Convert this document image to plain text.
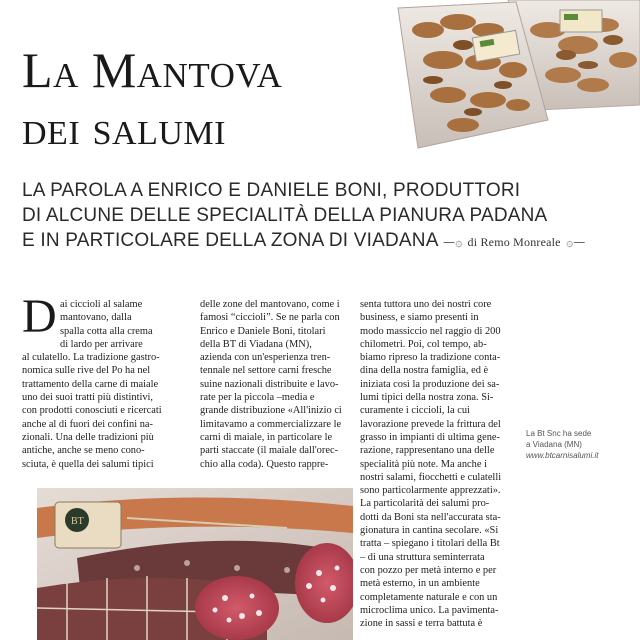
La Mantova
dei salumi
LA PAROLA A ENRICO E DANIELE BONI, PRODUTTORI
DI ALCUNE DELLE SPECIALITÀ DELLA PIANURA PADANA
E IN PARTICOLARE DELLA ZONA DI VIADANA —۞ di Remo Monreale ۞—
D ai ciccioli al salame

mantovano, dalla

spalla cotta alla crema

di lardo per arrivare

al culatello. La tradizione gastro-

nomica sulle rive del Po ha nel

trattamento della carne di maiale

uno dei suoi tratti più distintivi,

con prodotti conosciuti e ricercati

anche al di fuori dei confini na-

zionali. Una delle tradizioni più

antiche, anche se meno cono-

sciuta, è quella dei salumi tipici

delle zone del mantovano, come i

famosi “ciccioli”. Se ne parla con

Enrico e Daniele Boni, titolari

della BT di Viadana (MN),

azienda con un'esperienza tren-

tennale nel settore carni fresche

suine nazionali distribuite e lavo-

rate per la piccola –media e

grande distribuzione «All'inizio ci

limitavamo a commercializzare le

carni di maiale, in particolare le

parti staccate (il maiale dall'orec-

chio alla coda). Questo rappre-

senta tuttora uno dei nostri core

business, e siamo presenti in

modo massiccio nel raggio di 200

chilometri. Poi, col tempo, ab-

biamo ripreso la tradizione conta-

dina della nostra famiglia, ed è

iniziata così la produzione dei sa-

lumi tipici della nostra zona. Si-

curamente i ciccioli, la cui

lavorazione prevede la frittura del

grasso in impianti di ultima gene-

razione, rappresentano una delle

specialità più note. Ma anche i

nostri salami, fiocchetti e culatelli

sono particolarmente apprezzati».

La particolarità dei salumi pro-

dotti da Boni sta nell'accurata sta-

gionatura in cantina secolare. «Si

tratta – spiegano i titolari della Bt

– di una struttura seminterrata

con pozzo per metà interno e per

metà esterno, in un ambiente

completamente naturale e con un

microclima unico. La pavimenta-

zione in sassi e terra battuta è

La Bt Snc ha sede
a Viadana (MN)
www.btcarnisalumi.it
BT
